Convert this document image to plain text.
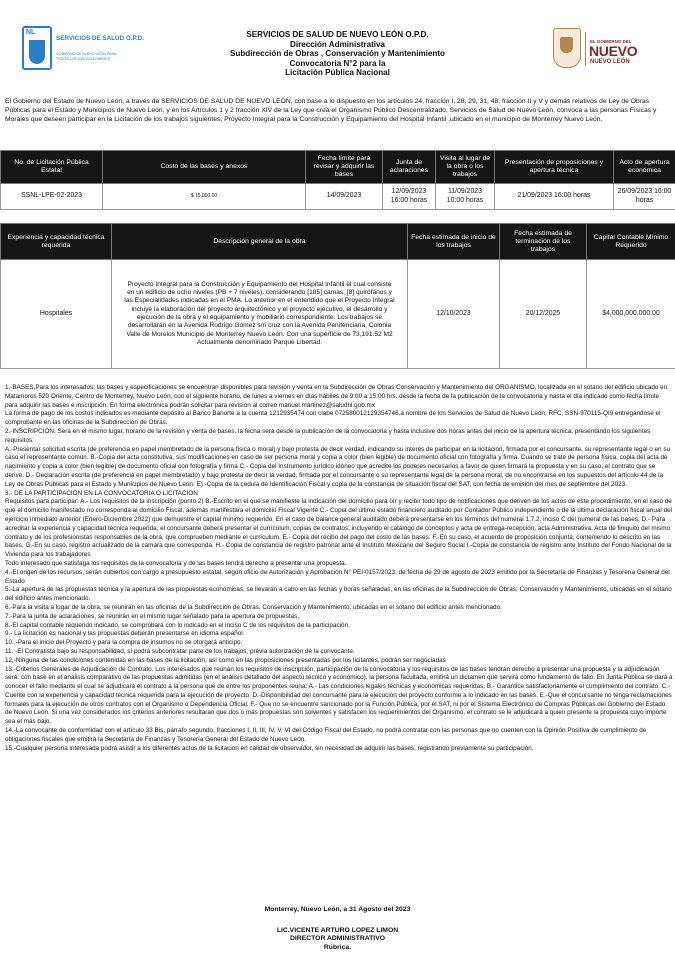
NL
SERVICIOS DE SALUD O.P.D.
GOBIERNO DE NUEVO LEÓN PARA TODOS LOS NUEVOLEONESES
SERVICIOS DE SALUD DE NUEVO LEÓN O.P.D.
Dirección Administrativa
Subdirección de Obras , Conservación y Mantenimiento
Convocatoria N°2 para la
Licitación Pública Nacional
EL GOBIERNO DEL
NUEVO
NUEVO LEÓN
El Gobierno del Estado de Nuevo León, a través de SERVICIOS DE SALUD DE NUEVO LEÓN, con base a lo dispuesto en los artículos 24, fracción I, 28, 29, 31, 48, fracción II y V y demás relativos de Ley de Obras Públicas para el Estado y Municipios de Nuevo León, y en los Artículos 1 y 2 fracción XIV de la Ley que crea el Organismo Público Descentralizado, Servicios de Salud de Nuevo León, convoca a las personas Físicas y Morales que deseen participar en la Licitación de los trabajos siguientes; Proyecto Integral para la Construcción y Equipamiento del Hospital Infantil ,ubicado en el municipio de Monterrey Nuevo León.
No. de Licitación Pública Estatal	Costo de las bases y anexos	Fecha límite para revisar y adquirir las bases	Junta de aclaraciones	Visita al lugar de la obra o los trabajos	Presentación de proposiciones y apertura técnica	Acto de apertura económica
SSNL-LPE-02-2023	$ 15,000.00	14/09/2023	12/09/2023 16:00 horas	11/09/2023 10:00 horas	21/09/2023 16:00 horas	26/09/2023 16:00 horas
Experiencia y capacidad técnica requerida	Descripción general de la obra	Fecha estimada de inicio de los trabajos	Fecha estimada de terminación de los trabajos	Capital Contable Mínimo Requerido
Hospitales	Proyecto Integral para la Construcción y Equipamiento del Hospital Infantil el cual consiste en un edificio de ocho niveles (PB + 7 niveles), considerando [185] camas, [8] quirófanos y las Especialidades indicadas en el PMA. Lo anterior en el entendido que el Proyecto Integral incluye la elaboración del proyecto arquitectónico y el proyecto ejecutivo, el desarrollo y ejecución de la obra y el equipamiento y mobiliario correspondiente. Los trabajos se desarrollarán en la Avenida Rodrigo Gómez s/n cruz con la Avenida Penitenciaria, Colonia Valle de Morelos Municipio de Monterrey Nuevo León. Con una superficie de 73,191.52 M2 Actualmente denominado Parque Libertad.	12/10/2023	20/12/2025	$4,000,000,000.00

1.-BASES,Para los interesados, las bases y especificaciones se encuentran disponibles para revisión y venta en la Subdirección de Obras Conservación y Mantenimiento del ORGANISMO, localizada en el sótano del edificio ubicado en Matamoros 520 Oriente, Centro de Monterrey, Nuevo León, con el siguiente horario, de lunes a viernes en días hábiles de 9:00 a 15:00 hrs. desde la fecha de la publicación de la convocatoria y hasta el día indicado como fecha límite para adquirir las bases e inscripción. En forma electrónica podrán solicitar para revisión al correo manuel.martinez@saludnl.gob.mx

La forma de pago de los costos indicados es mediante depósito al Banco Banorte a la cuenta 1212935474 con clabe 072580012129354746,a nombre de los Servicios de Salud de Nuevo León, RFC, SSN-970115-QI9 entregándose el comprobante en las oficinas de la Subdirección de Obras.

2.-INSCRIPCIÓN, Será en el mismo lugar, horario de la revisión y venta de bases, la fecha será desde la publicación de la convocatoria y hasta inclusive dos horas antes del inicio de la apertura técnica, presentando los siguientes requisitos:

A.-Presentar solicitud escrita (de preferencia en papel membretado de la persona física o moral) y bajo protesta de decir verdad, indicando su interés de participar en la licitación, firmada por el concursante, su representante legal o en su caso el representante común. B.-Copia del acta constitutiva, sus modificaciones en caso de ser persona moral y copia a color (bien legible) de documento oficial con fotografía y firma. Cuando se trate de persona física, copia del acta de nacimiento y copia a color (bien legible) de documento oficial con fotografía y firma C.- Copia del Instrumento jurídico idóneo que acredite los poderes necesarios a favor de quien firmará la propuesta y en su caso, el contrato que se derive. D.- Declaración escrita (de preferencia en papel membretado) y bajo protesta de decir la verdad, firmada por el concursante o su representante legal de la persona moral, de no encontrarse en los supuestos del artículo 44 de la Ley de Obras Públicas para el Estado y Municipios de Nuevo León. E).-Copia de la cedula de Identificación Fiscal y copia de la constancia de situación fiscal del SAT, con fecha de emisión del mes de septiembre del 2023.

3.- DE LA PARTICIPACION EN LA CONVOCATORIA O LICITACION

Requisitos para participar: A.- Los requisitos de la inscripción (punto 2) B.-Escrito en el que se manifieste la indicación del domicilio para oír y recibir todo tipo de notificaciones que deriven de los actos de este procedimiento, en el caso de que el domicilio manifestado no corresponda al domicilio Fiscal, además manifestara el domicilio Fiscal Vigente C.- Copia del último estado financiero auditado por Contador Público independiente o de la última declaración fiscal anual del ejercicio inmediato anterior (Enero-Diciembre 2022) que demuestre el capital mínimo requerido. En el caso de balance general auditado deberá presentarse en los términos del numeral 1.7.2. inciso C del numeral de las bases. D.- Para acreditar la experiencia y capacidad técnica requerida, el concursante deberá presentar el currículum, copias de contratos, incluyendo el catálogo de conceptos y acta de entrega-recepción, acta Administrativa, Acta de finiquito del mismo contrato y de los profesionistas responsables de la obra, que comprueben mediante el currículum. E.- Copia del recibo del pago del costo de las bases. F.-En su caso, el acuerdo de proposición conjunta, conteniendo lo descrito en las bases, G.-En su caso, registro actualizado de la cámara que corresponda. H.- Copia de constancia de registro patronal ante el Instituto Mexicano del Seguro Social I.-Copia de constancia de registro ante Instituto del Fondo Nacional de la Vivienda para los trabajadores

Todo interesado que satisfaga los requisitos de la convocatoria y de las bases tendrá derecho a presentar una propuesta.

4.-El origen de los recursos, serán cubiertos con cargo a presupuesto estatal, según oficio de Autorización y Aprobación N° PEI-0157/2023, de fecha de 29 de agosto de 2023 emitido por la Secretaría de Finanzas y Tesorería General del Estado

5.-La apertura de las propuestas técnica y la apertura de las propuestas económicas, se llevarán a cabo en las fechas y horas señaladas, en las oficinas de la Subdirección de Obras, Conservación y Mantenimiento, ubicadas en el sótano del edificio antes mencionado.

6.-Para la visita a lugar de la obra, se reunirán en las oficinas de la Subdirección de Obras, Conservación y Mantenimiento, ubicadas en el sótano del edificio antes mencionado.

7.-Para la junta de aclaraciones, se reunirán en el mismo lugar señalado para la apertura de propuestas.

8.-El capital contable requerido indicado, se comprobará con lo indicado en el inciso C de los requisitos de la participación.

9.- La licitación es nacional y las propuestas deberán presentarse en idioma español.

10. -Para el inicio del Proyecto y para la compra de insumos no se otorgará anticipo.

11. -El Contratista bajo su responsabilidad, sí podrá subcontratar parte de los trabajos, previa autorización de la convocante.

12.-Ninguna de las condiciones contenidas en las bases de la licitación; así como en las proposiciones presentadas por los licitantes, podrán ser negociadas

13.-Criterios Generales de Adjudicación de Contrato. Los interesados que reúnan los requisitos de inscripción, participación de la convocatoria y los requisitos de las bases tendrán derecho a presentar una propuesta y la adjudicación será: con base en el análisis comparativo de las propuestas admitidas (en el análisis detallado del aspecto técnico y económico), la persona facultada, emitirá un dictamen que servirá como fundamento de fallo. En Junta Pública se dará a conocer el fallo mediante el cual se adjudicará el contrato a la persona que de entre los proponentes reúna: A.- Las condiciones legales técnicas y económicas requeridas. B.- Garantice satisfactoriamente el cumplimiento del contrato. C.-Cuente con la experiencia y capacidad técnica requerida para la ejecución de proyecto. D.-Disponibilidad del concursante para la ejecución del proyecto conforme a lo indicado en las bases. E.-Que el concursante no tenga reclamaciones formales para la ejecución de otros contratos con el Organismo o Dependencia Oficial. F.- Que no se encuentre sancionado por la Función Pública, por el SAT, ni por el Sistema Electrónico de Compras Públicas del Gobierno del Estado de Nuevo León. Si una vez considerados los criterios anteriores resultaran que dos o más propuestas son solventes y satisfacen los requerimientos del Organismo, el contrato se le adjudicará a quien presente la propuesta cuyo importe sea el más bajo.

14.-La convocante de conformidad con el artículo 33 Bis, párrafo segundo, fracciones I, II, III, IV, V, VI del Código Fiscal del Estado, no podrá contratar con las personas que no cuenten con la Opinión Positiva de cumplimiento de obligaciones fiscales que emitirá la Secretaría de Finanzas y Tesorería General del Estado de Nuevo León.

15.-Cualquier persona interesada podrá asistir a los diferentes actos de la licitación en calidad de observador, sin necesidad de adquirir las bases, registrando previamente su participación.

Monterrey, Nuevo León, a 31 Agosto del 2023
LIC.VICENTE ARTURO LOPEZ LIMON
DIRECTOR ADMINISTRATIVO
Rúbrica.
